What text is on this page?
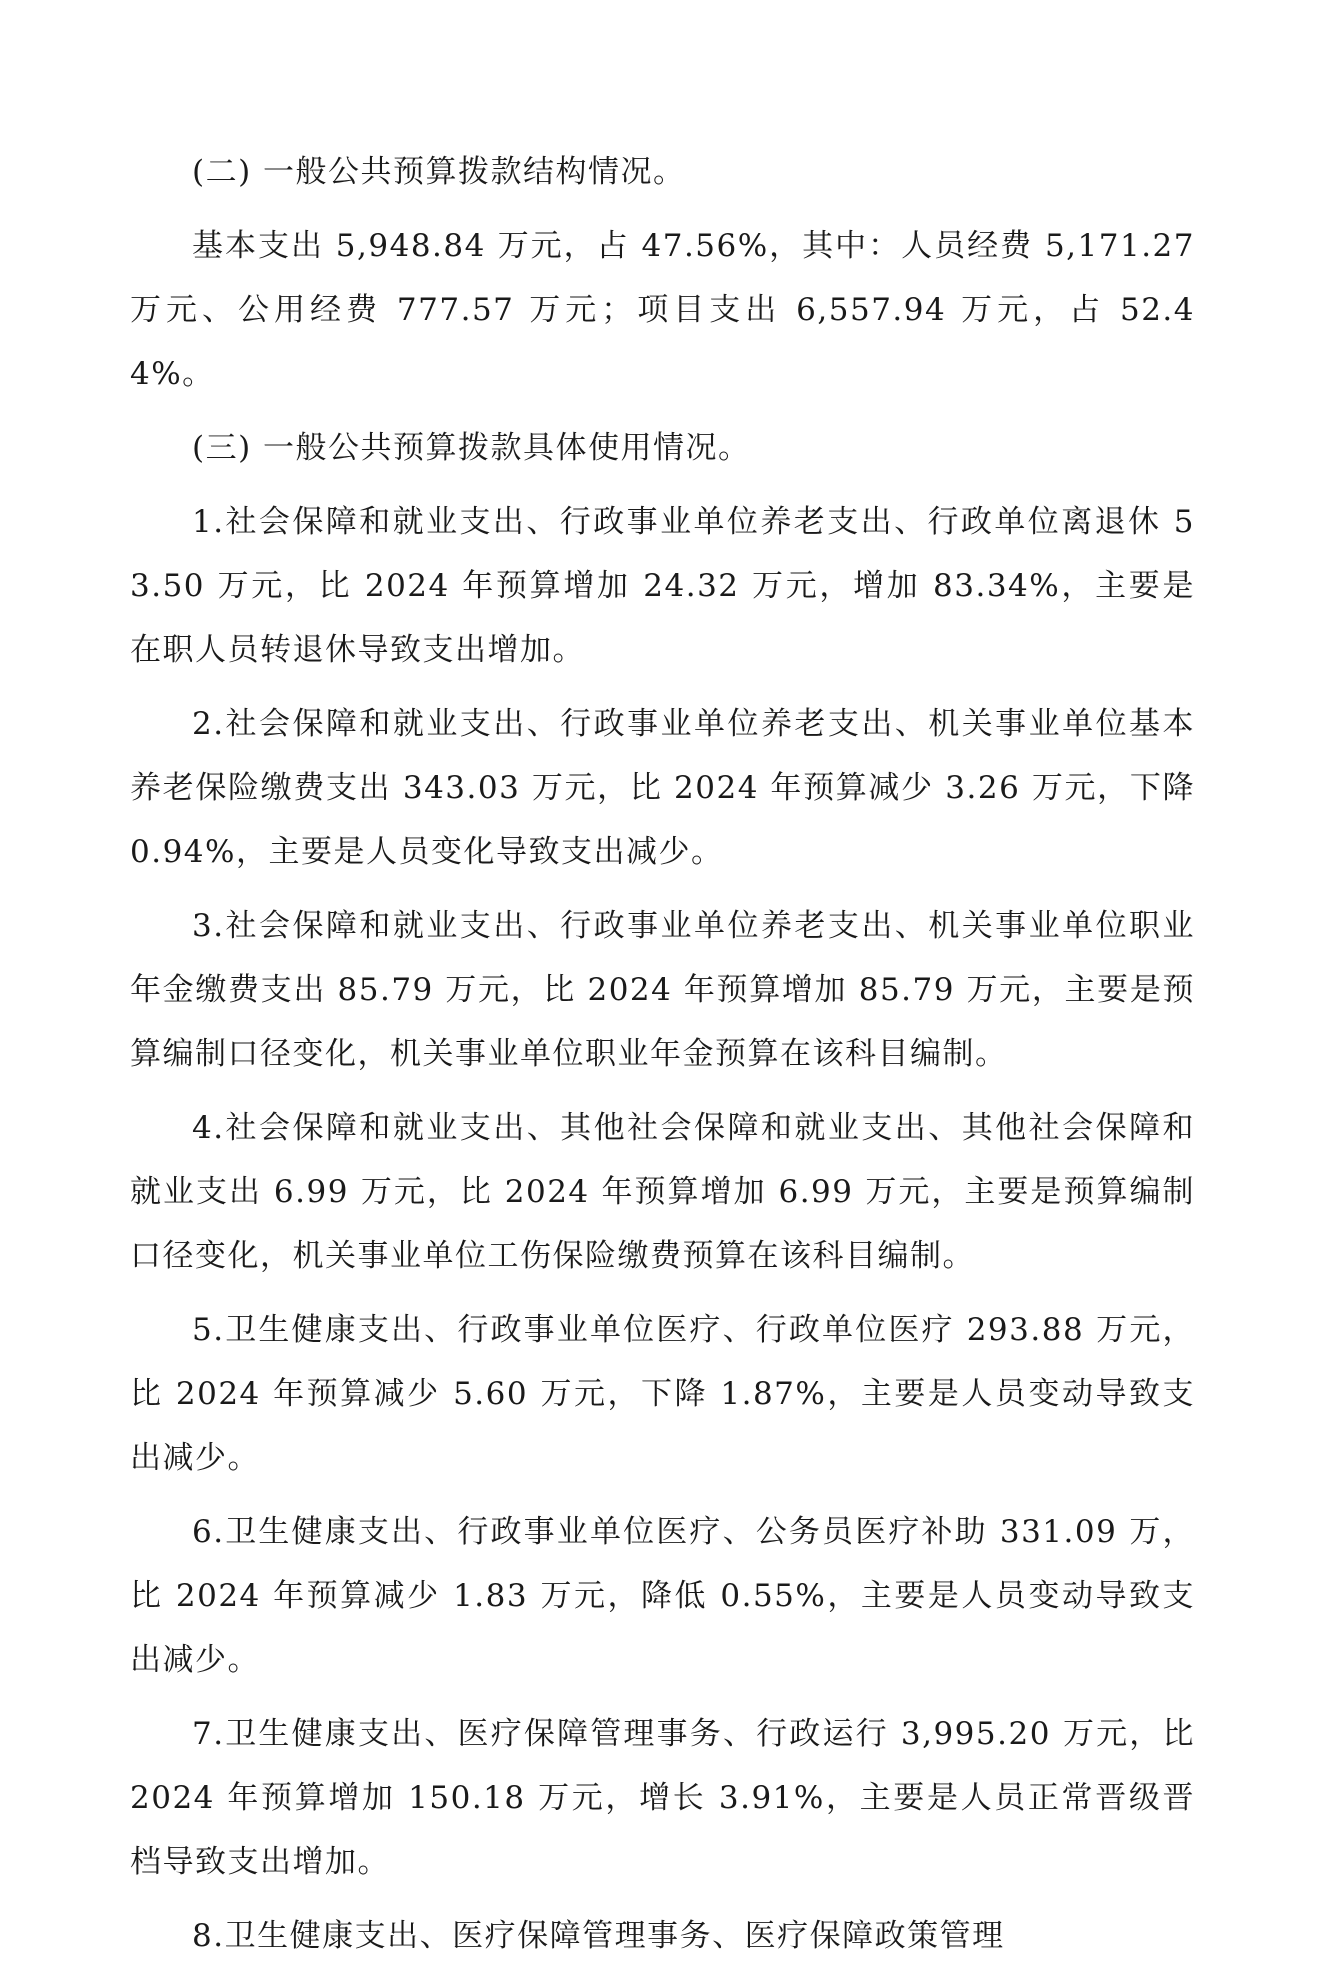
(二) 一般公共预算拨款结构情况。

基本支出 5,948.84 万元，占 47.56%，其中：人员经费 5,171.27 万元、公用经费 777.57 万元；项目支出 6,557.94 万元，占 52.44%。

(三) 一般公共预算拨款具体使用情况。

1.社会保障和就业支出、行政事业单位养老支出、行政单位离退休 53.50 万元，比 2024 年预算增加 24.32 万元，增加 83.34%，主要是在职人员转退休导致支出增加。

2.社会保障和就业支出、行政事业单位养老支出、机关事业单位基本养老保险缴费支出 343.03 万元，比 2024 年预算减少 3.26 万元，下降 0.94%，主要是人员变化导致支出减少。

3.社会保障和就业支出、行政事业单位养老支出、机关事业单位职业年金缴费支出 85.79 万元，比 2024 年预算增加 85.79 万元，主要是预算编制口径变化，机关事业单位职业年金预算在该科目编制。

4.社会保障和就业支出、其他社会保障和就业支出、其他社会保障和就业支出 6.99 万元，比 2024 年预算增加 6.99 万元，主要是预算编制口径变化，机关事业单位工伤保险缴费预算在该科目编制。

5.卫生健康支出、行政事业单位医疗、行政单位医疗 293.88 万元，比 2024 年预算减少 5.60 万元，下降 1.87%，主要是人员变动导致支出减少。

6.卫生健康支出、行政事业单位医疗、公务员医疗补助 331.09 万，比 2024 年预算减少 1.83 万元，降低 0.55%，主要是人员变动导致支出减少。

7.卫生健康支出、医疗保障管理事务、行政运行 3,995.20 万元，比 2024 年预算增加 150.18 万元，增长 3.91%，主要是人员正常晋级晋档导致支出增加。

8.卫生健康支出、医疗保障管理事务、医疗保障政策管理
